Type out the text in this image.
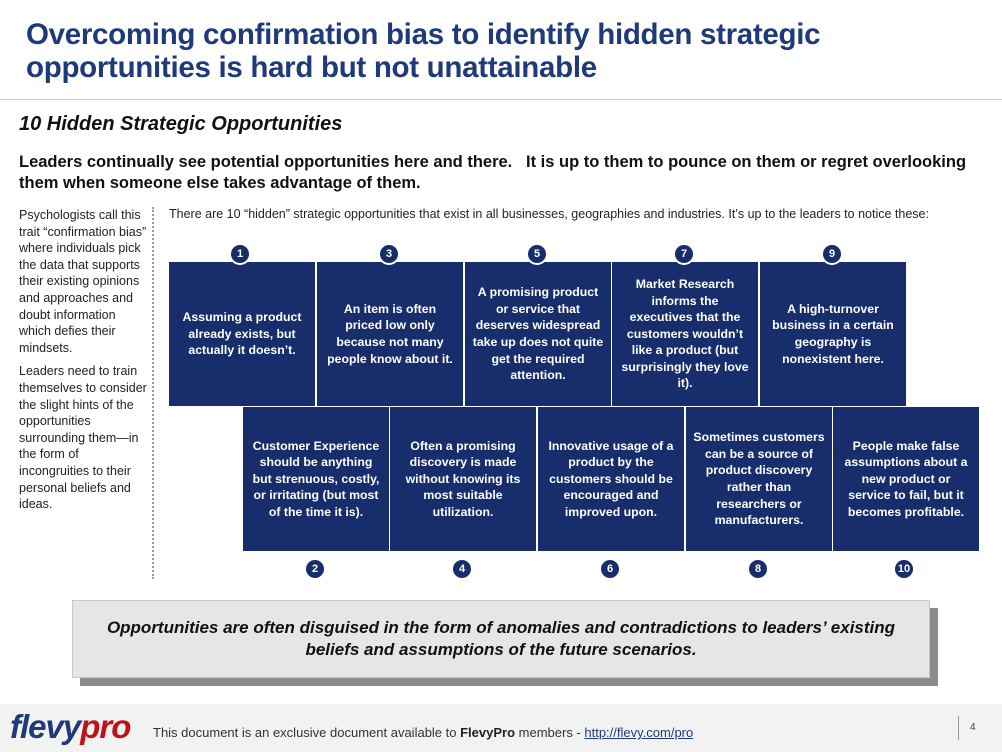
Overcoming confirmation bias to identify hidden strategic opportunities is hard but not unattainable
10 Hidden Strategic Opportunities
Leaders continually see potential opportunities here and there.   It is up to them to pounce on them or regret overlooking them when someone else takes advantage of them.

Psychologists call this trait “confirmation bias” where individuals pick the data that supports their existing opinions and approaches and doubt information which defies their mindsets.

Leaders need to train themselves to consider the slight hints of the opportunities surrounding them—in the form of incongruities to their personal beliefs and ideas.

There are 10 “hidden” strategic opportunities that exist in all businesses, geographies and industries. It’s up to the leaders to notice these:
Assuming a product already exists, but actually it doesn’t.
An item is often priced low only because not many people know about it.
A promising product or service that deserves widespread take up does not quite get the required attention.
Market Research informs the executives that the customers wouldn’t like a product (but surprisingly they love it).
A high-turnover business in a certain geography is nonexistent here.
Customer Experience should be anything but strenuous, costly, or irritating (but most of the time it is).
Often a promising discovery is made without knowing its most suitable utilization.
Innovative usage of a product by the customers should be encouraged and improved upon.
Sometimes customers can be a source of product discovery rather than researchers or manufacturers.
People make false assumptions about a new product or service to fail, but it becomes profitable.
1	3	5	7	9
2	4	6	8	10
Opportunities are often disguised in the form of anomalies and contradictions to leaders’ existing beliefs and assumptions of the future scenarios.
flevypro This document is an exclusive document available to FlevyPro members - http://flevy.com/pro	4
